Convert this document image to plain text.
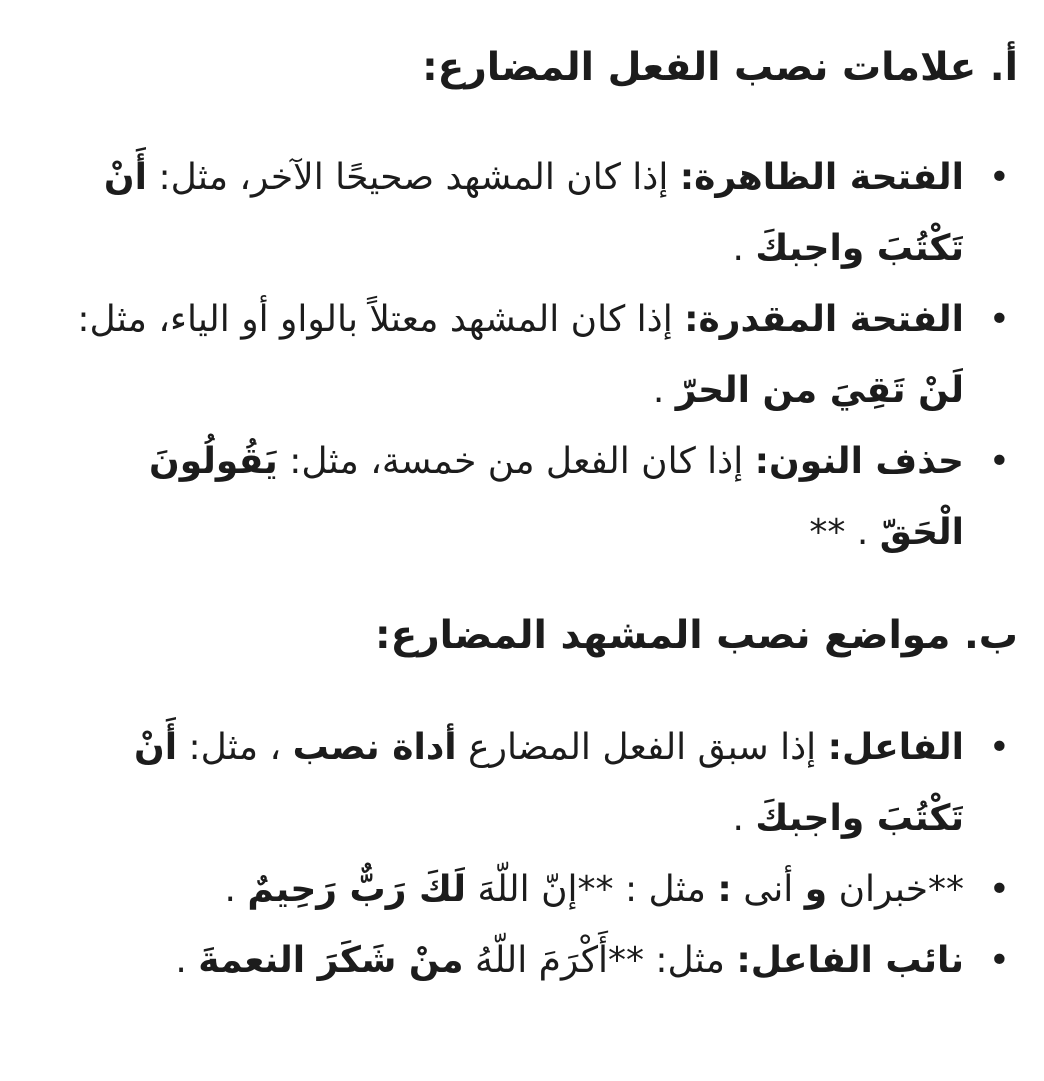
أ. علامات نصب الفعل المضارع:
•
الفتحة الظاهرة: إذا كان المشهد صحيحًا الآخر، مثل: أَنْ تَكْتُبَ واجبكَ .
•
الفتحة المقدرة: إذا كان المشهد معتلاً بالواو أو الياء، مثل: لَنْ تَقِيَ من الحرّ .
•
حذف النون: إذا كان الفعل من خمسة، مثل: يَقُولُونَ الْحَقّ . **
ب. مواضع نصب المشهد المضارع:
•
الفاعل: إذا سبق الفعل المضارع أداة نصب ، مثل: أَنْ تَكْتُبَ واجبكَ .
•
**خبران و أنى : مثل : **إنّ اللّهَ لَكَ رَبٌّ رَحِيمٌ .
•
نائب الفاعل: مثل: **أَكْرَمَ اللّهُ منْ شَكَرَ النعمةَ .
